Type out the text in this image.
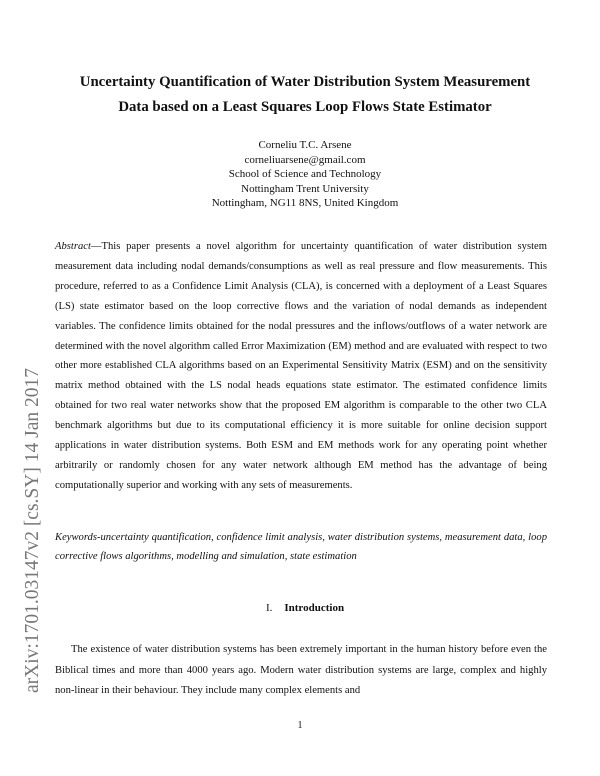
Uncertainty Quantification of Water Distribution System Measurement
Data based on a Least Squares Loop Flows State Estimator
Corneliu T.C. Arsene
corneliuarsene@gmail.com
School of Science and Technology
Nottingham Trent University
Nottingham, NG11 8NS, United Kingdom
Abstract—This paper presents a novel algorithm for uncertainty quantification of water distribution system measurement data including nodal demands/consumptions as well as real pressure and flow measurements. This procedure, referred to as a Confidence Limit Analysis (CLA), is concerned with a deployment of a Least Squares (LS) state estimator based on the loop corrective flows and the variation of nodal demands as independent variables. The confidence limits obtained for the nodal pressures and the inflows/outflows of a water network are determined with the novel algorithm called Error Maximization (EM) method and are evaluated with respect to two other more established CLA algorithms based on an Experimental Sensitivity Matrix (ESM) and on the sensitivity matrix method obtained with the LS nodal heads equations state estimator. The estimated confidence limits obtained for two real water networks show that the proposed EM algorithm is comparable to the other two CLA benchmark algorithms but due to its computational efficiency it is more suitable for online decision support applications in water distribution systems. Both ESM and EM methods work for any operating point whether arbitrarily or randomly chosen for any water network although EM method has the advantage of being computationally superior and working with any sets of measurements.
Keywords-uncertainty quantification, confidence limit analysis, water distribution systems, measurement data, loop corrective flows algorithms, modelling and simulation, state estimation
I. Introduction
The existence of water distribution systems has been extremely important in the human history before even the Biblical times and more than 4000 years ago. Modern water distribution systems are large, complex and highly non-linear in their behaviour. They include many complex elements and
1
arXiv:1701.03147v2 [cs.SY] 14 Jan 2017
